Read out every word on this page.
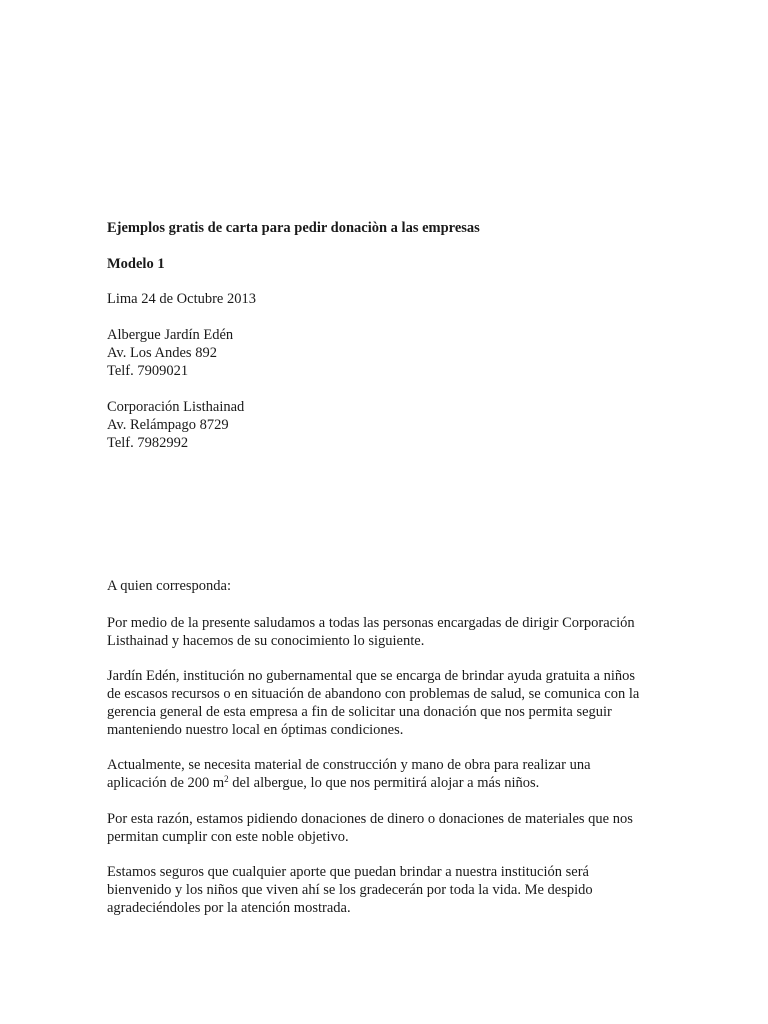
Ejemplos gratis de carta para pedir donaciòn a las empresas
Modelo 1
Lima 24 de Octubre 2013
Albergue Jardín Edén
Av. Los Andes 892
Telf. 7909021
Corporación Listhainad
Av. Relámpago 8729
Telf. 7982992
A quien corresponda:
Por medio de la presente saludamos a todas las personas encargadas de dirigir Corporación
Listhainad y hacemos de su conocimiento lo siguiente.
Jardín Edén, institución no gubernamental que se encarga de brindar ayuda gratuita a niños
de escasos recursos o en situación de abandono con problemas de salud, se comunica con la
gerencia general de esta empresa a fin de solicitar una donación que nos permita seguir
manteniendo nuestro local en óptimas condiciones.
Actualmente, se necesita material de construcción y mano de obra para realizar una
aplicación de 200 $m^2$ del albergue, lo que nos permitirá alojar a más niños.
Por esta razón, estamos pidiendo donaciones de dinero o donaciones de materiales que nos
permitan cumplir con este noble objetivo.
Estamos seguros que cualquier aporte que puedan brindar a nuestra institución será
bienvenido y los niños que viven ahí se los gradecerán por toda la vida. Me despido
agradeciéndoles por la atención mostrada.
